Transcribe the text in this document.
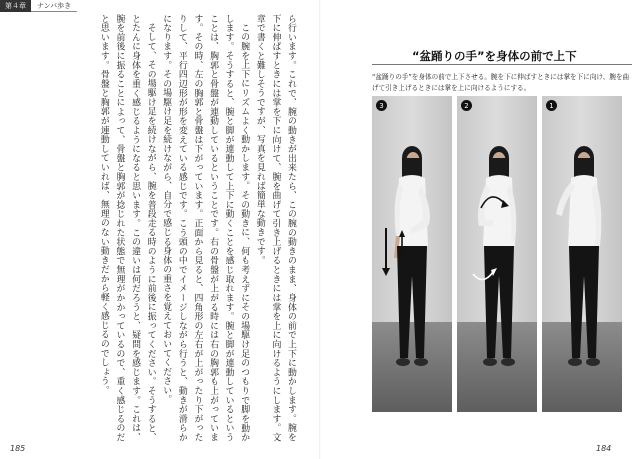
第４章	ナンバ歩き

ら行います。これで、腕の動きが出来たら、この腕の動きのまま、身体の前で上下に動かします。腕を下に伸ばすときには掌を下に向けて、腕を曲げて引き上げるときには掌を上に向けるようにします。文章で書くと難しそうですが、写真を見れば簡単な動きです。

この腕を上下にリズムよく動かします。その動きに、何も考えずにその場駆け足のつもりで脚を動かします。そうすると、腕と脚が連動して上下に動くことを感じ取れます。腕と脚が連動しているということは、胸郭と骨盤が連動しているということです。右の骨盤が上がる時には右の胸郭も上がっています。その時、左の胸郭と骨盤は下がっています。正面から見ると、四角形の左右が上がったり下がったりして、平行四辺形が形を変えている感じです。こう頭の中でイメージしながら行うと、動きが滑らかになります。その場駆け足を続けながら、自分で感じる身体の重さを覚えておいてください。

そして、その場駆け足を続けながら、腕を普段走る時のように前後に振ってください。そうすると、とたんに身体を重く感じるようになると思います。この違いは何だろうと、疑問を感じます。これは、腕を前後に振ることによって、骨盤と胸郭が捻じれた状態で無理がかかっているので、重く感じるのだと思います。骨盤と胸郭が連動していれば、無理のない動きだから軽く感じるのでしょう。

185
“盆踊りの手”を身体の前で上下
“盆踊りの手”を身体の前で上下させる。腕を下に伸ばすときには掌を下に向け、腕を曲げて引き上げるときには掌を上に向けるようにする。
3	2	1
184
